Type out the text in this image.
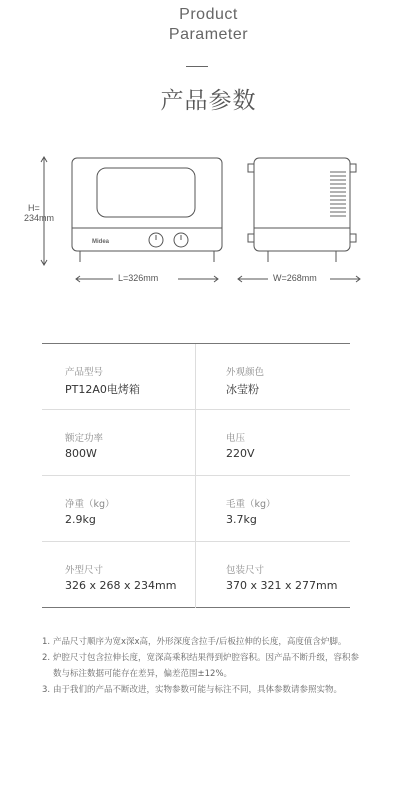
Product
Parameter
产品参数
Midea
H=
234mm
L=326mm	W=268mm
产品型号
PT12A0电烤箱
外观颜色
冰莹粉
额定功率
800W
电压
220V
净重（kg）
2.9kg
毛重（kg）
3.7kg
外型尺寸
326 x 268 x 234mm
包装尺寸
370 x 321 x 277mm
1. 产品尺寸顺序为宽x深x高，外形深度含拉手/后板拉伸的长度，高度值含炉脚。
2. 炉腔尺寸包含拉伸长度，宽深高乘积结果得到炉腔容积。因产品不断升级，容积参数与标注数据可能存在差异，偏差范围±12%。
3. 由于我们的产品不断改进，实物参数可能与标注不同，具体参数请参照实物。
